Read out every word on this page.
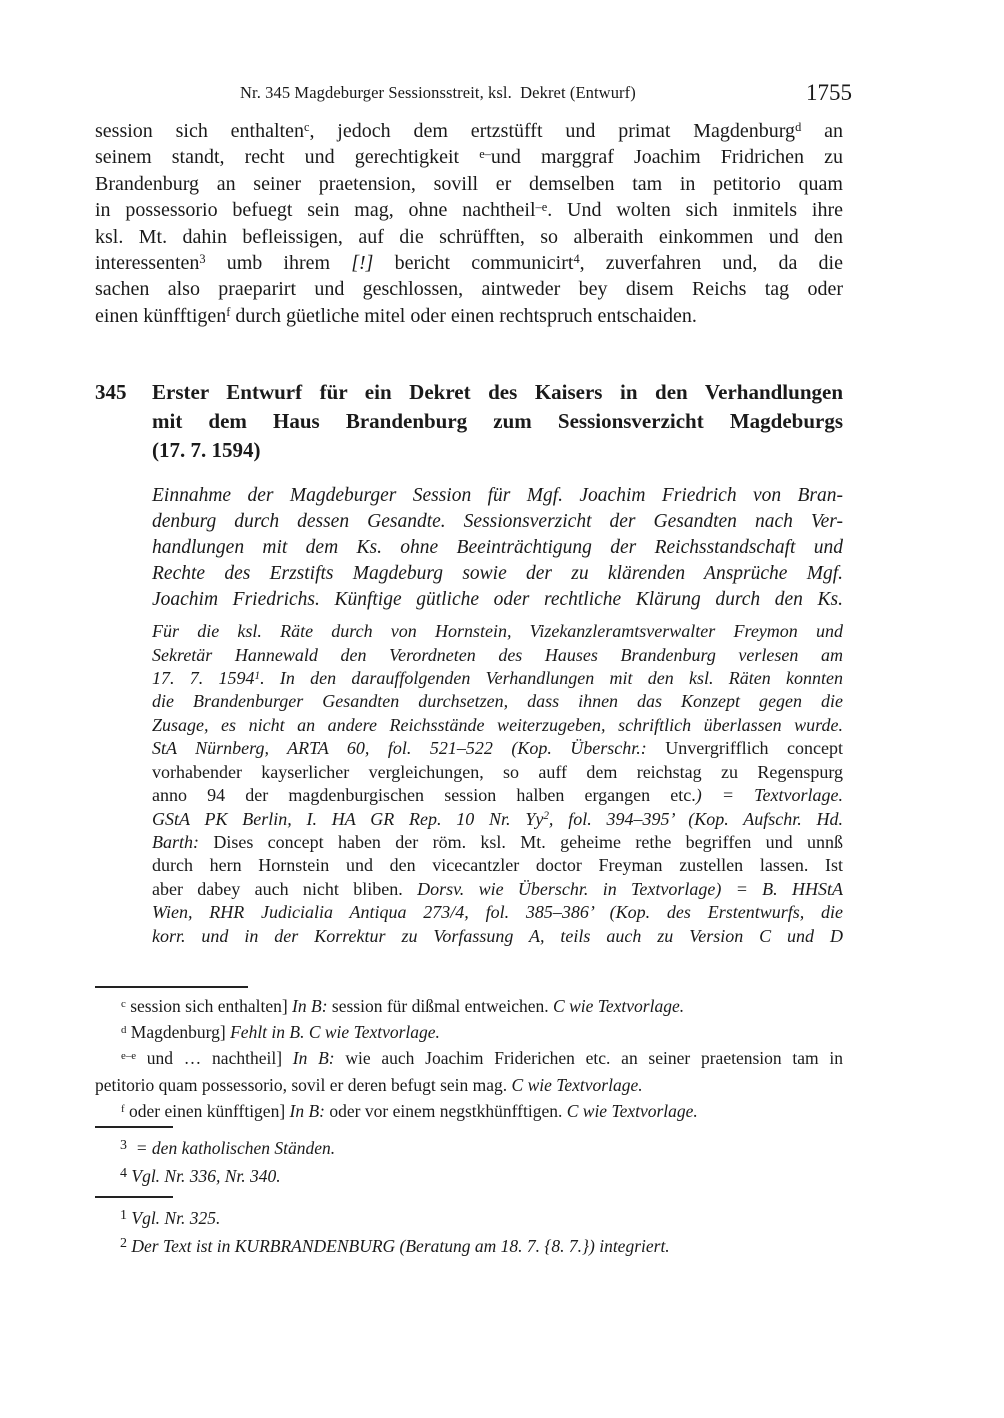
Nr. 345 Magdeburger Sessionsstreit, ksl. Dekret (Entwurf)	1755
session sich enthalten$^c$, jedoch dem ertzstüfft und primat Magdenburg$^d$ an
seinem standt, recht und gerechtigkeit $^{e-}$und marggraf Joachim Fridrichen zu
Brandenburg an seiner praetension, sovill er demselben tam in petitorio quam
in possessorio befuegt sein mag, ohne nachtheil$^{-e}$. Und wolten sich inmitels ihre
ksl. Mt. dahin befleissigen, auf die schrüfften, so alberaith einkommen und den
interessenten$^3$ umb ihrem [!] bericht communicirt$^4$, zuverfahren und, da die
sachen also praeparirt und geschlossen, aintweder bey disem Reichs tag oder
einen künfftigen$^f$ durch güetliche mitel oder einen rechtspruch entschaiden.
345 Erster Entwurf für ein Dekret des Kaisers in den Verhandlungen
mit dem Haus Brandenburg zum Sessionsverzicht Magdeburgs
(17. 7. 1594)
Einnahme der Magdeburger Session für Mgf. Joachim Friedrich von Bran-
denburg durch dessen Gesandte. Sessionsverzicht der Gesandten nach Ver-
handlungen mit dem Ks. ohne Beeinträchtigung der Reichsstandschaft und
Rechte des Erzstifts Magdeburg sowie der zu klärenden Ansprüche Mgf.
Joachim Friedrichs. Künftige gütliche oder rechtliche Klärung durch den Ks.
Für die ksl. Räte durch von Hornstein, Vizekanzleramtsverwalter Freymon und
Sekretär Hannewald den Verordneten des Hauses Brandenburg verlesen am
17. 7. 1594$^1$. In den darauffolgenden Verhandlungen mit den ksl. Räten konnten
die Brandenburger Gesandten durchsetzen, dass ihnen das Konzept gegen die
Zusage, es nicht an andere Reichsstände weiterzugeben, schriftlich überlassen wurde.
StA Nürnberg, ARTA 60, fol. 521–522 (Kop. Überschr.: Unvergrifflich concept
vorhabender kayserlicher vergleichungen, so auff dem reichstag zu Regenspurg
anno 94 der magdenburgischen session halben ergangen etc.) = Textvorlage.
GStA PK Berlin, I. HA GR Rep. 10 Nr. Yy$^2$, fol. 394–395’ (Kop. Aufschr. Hd.
Barth: Dises concept haben der röm. ksl. Mt. geheime rethe begriffen und unnß
durch hern Hornstein und den vicecantzler doctor Freyman zustellen lassen. Ist
aber dabey auch nicht bliben. Dorsv. wie Überschr. in Textvorlage) = B. HHStA
Wien, RHR Judicialia Antiqua 273/4, fol. 385–386’ (Kop. des Erstentwurfs, die
korr. und in der Korrektur zu Vorfassung A, teils auch zu Version C und D
$^c$ session sich enthalten] In B: session für dißmal entweichen. C wie Textvorlage.
$^d$ Magdenburg] Fehlt in B. C wie Textvorlage.
$^{e-e}$ und … nachtheil] In B: wie auch Joachim Friderichen etc. an seiner praetension tam in
petitorio quam possessorio, sovil er deren befugt sein mag. C wie Textvorlage.
$^f$ oder einen künfftigen] In B: oder vor einem negstkhünfftigen. C wie Textvorlage.
$^3$  = den katholischen Ständen.
$^4$ Vgl. Nr. 336, Nr. 340.
$^1$ Vgl. Nr. 325.
$^2$ Der Text ist in KURBRANDENBURG (Beratung am 18. 7. {8. 7.}) integriert.
